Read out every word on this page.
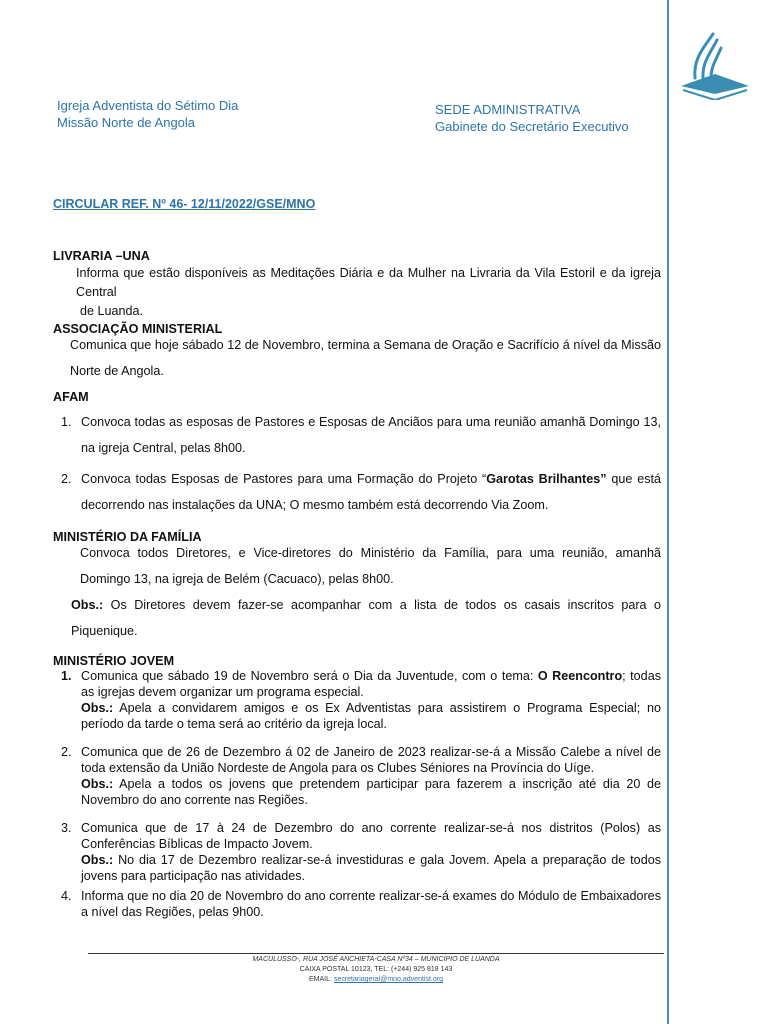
Igreja Adventista do Sétimo Dia
Missão Norte de Angola
SEDE ADMINISTRATIVA
Gabinete do Secretário Executivo
CIRCULAR REF. Nº 46- 12/11/2022/GSE/MNO
LIVRARIA –UNA

Informa que estão disponíveis as Meditações Diária e da Mulher na Livraria da Vila Estoril e da igreja Central

de Luanda.

ASSOCIAÇÃO MINISTERIAL

Comunica que hoje sábado 12 de Novembro, termina a Semana de Oração e Sacrifício á nível da Missão Norte de Angola.

AFAM
1. Convoca todas as esposas de Pastores e Esposas de Anciãos para uma reunião amanhã Domingo 13, na igreja Central, pelas 8h00.
2. Convoca todas Esposas de Pastores para uma Formação do Projeto “Garotas Brilhantes” que está decorrendo nas instalações da UNA; O mesmo também está decorrendo Via Zoom.
MINISTÉRIO DA FAMÍLIA

Convoca todos Diretores, e Vice-diretores do Ministério da Família, para uma reunião, amanhã Domingo 13, na igreja de Belém (Cacuaco), pelas 8h00.

Obs.: Os Diretores devem fazer-se acompanhar com a lista de todos os casais inscritos para o Piquenique.

MINISTÉRIO JOVEM
1. Comunica que sábado 19 de Novembro será o Dia da Juventude, com o tema: O Reencontro; todas as igrejas devem organizar um programa especial.
Obs.: Apela a convidarem amigos e os Ex Adventistas para assistirem o Programa Especial; no período da tarde o tema será ao critério da igreja local.
2. Comunica que de 26 de Dezembro á 02 de Janeiro de 2023 realizar-se-á a Missão Calebe a nível de toda extensão da União Nordeste de Angola para os Clubes Séniores na Província do Uíge.
Obs.: Apela a todos os jovens que pretendem participar para fazerem a inscrição até dia 20 de Novembro do ano corrente nas Regiões.
3. Comunica que de 17 à 24 de Dezembro do ano corrente realizar-se-á nos distritos (Polos) as Conferências Bíblicas de Impacto Jovem.
Obs.: No dia 17 de Dezembro realizar-se-á investiduras e gala Jovem. Apela a preparação de todos jovens para participação nas atividades.
4. Informa que no dia 20 de Novembro do ano corrente realizar-se-á exames do Módulo de Embaixadores a nível das Regiões, pelas 9h00.
MACULUSSO-, RUA JOSÉ ANCHIETA-CASA Nº34 – MUNICÍPIO DE LUANDA
CAIXA POSTAL 10123, TEL: (+244) 925 818 143
EMAIL: secretariageral@mno.adventist.org
